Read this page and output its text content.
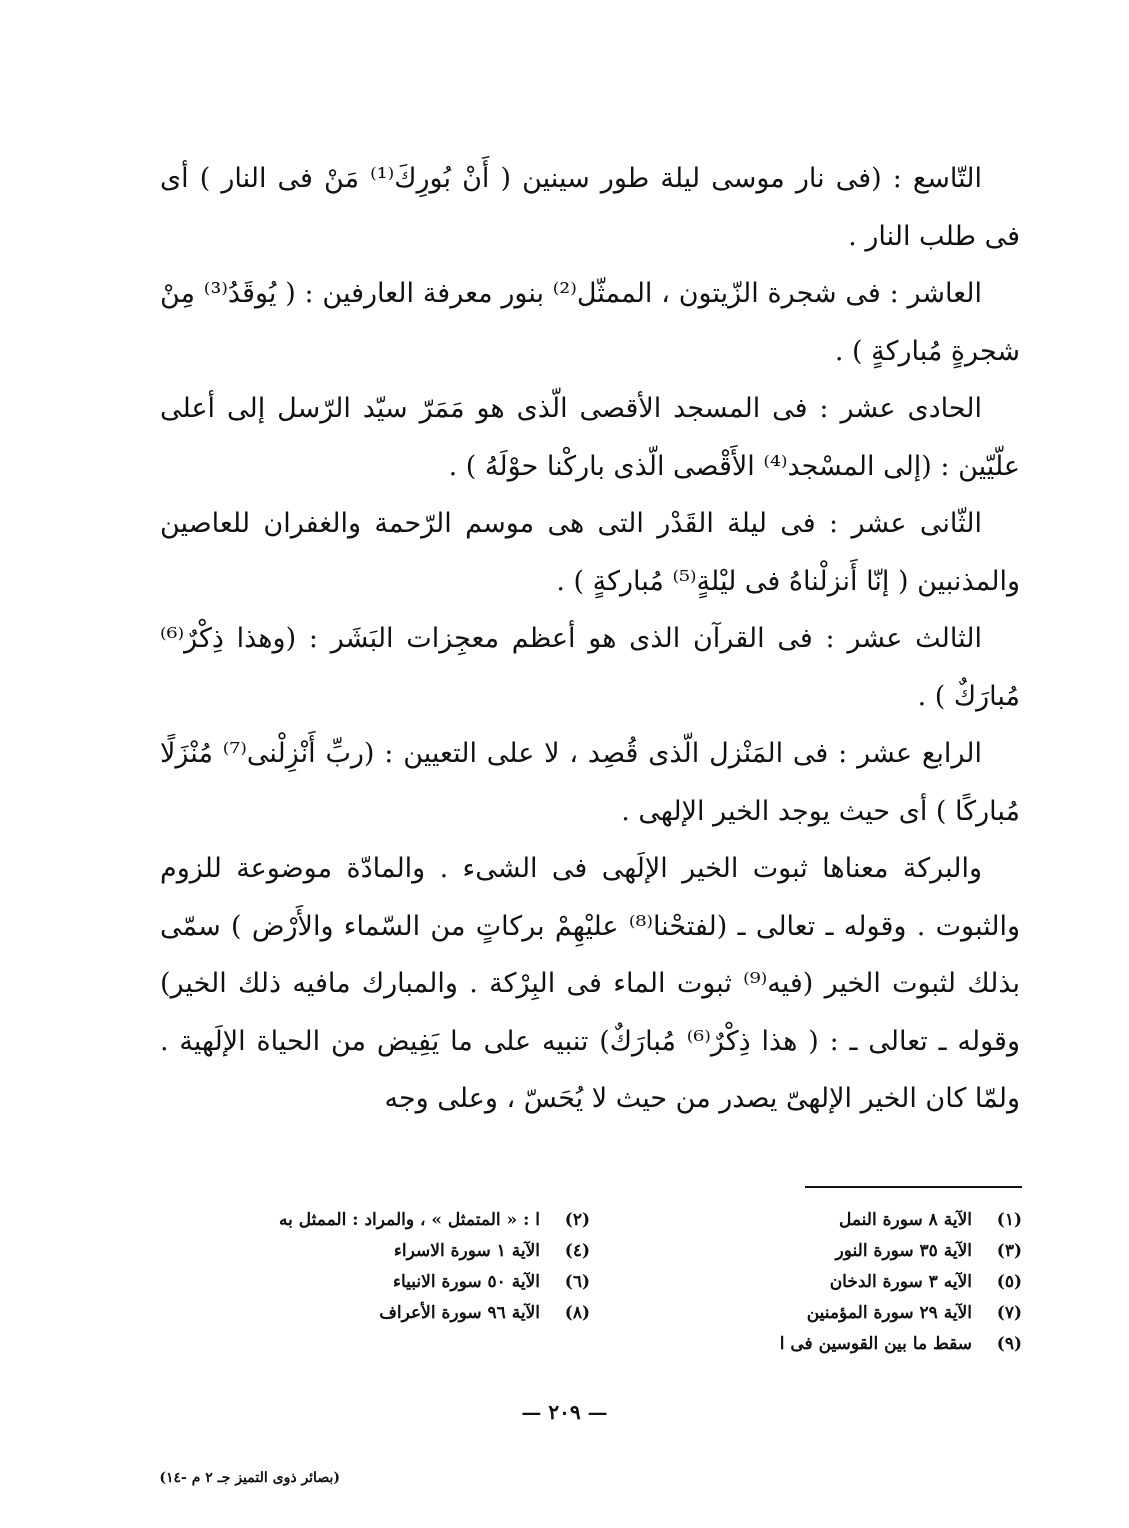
التّاسع : (فى نار موسى ليلة طور سينين ( أَنْ بُورِكَ⁽¹⁾ مَنْ فى النار ) أى فى طلب النار .

العاشر : فى شجرة الزّيتون ، الممثّل⁽²⁾ بنور معرفة العارفين : ( يُوقَدُ⁽³⁾ مِنْ شجرةٍ مُباركةٍ ) .

الحادى عشر : فى المسجد الأقصى الّذى هو مَمَرّ سيّد الرّسل إلى أعلى علّيّين : (إلى المسْجد⁽⁴⁾ الأَقْصى الّذى باركْنا حوْلَهُ ) .

الثّانى عشر : فى ليلة القَدْر التى هى موسم الرّحمة والغفران للعاصين والمذنبين ( إنّا أَنزلْناهُ فى ليْلةٍ⁽⁵⁾ مُباركةٍ ) .

الثالث عشر : فى القرآن الذى هو أعظم معجِزات البَشَر : (وهذا ذِكْرٌ⁽⁶⁾ مُبارَكٌ ) .

الرابع عشر : فى المَنْزل الّذى قُصِد ، لا على التعيين : (ربِّ أَنْزِلْنى⁽⁷⁾ مُنْزَلًا مُباركًا ) أى حيث يوجد الخير الإلهى .

والبركة معناها ثبوت الخير الإلَهى فى الشىء . والمادّة موضوعة للزوم والثبوت . وقوله ـ تعالى ـ (لفتحْنا⁽⁸⁾ عليْهِمْ بركاتٍ من السّماء والأَرْض ) سمّى بذلك لثبوت الخير (فيه⁽⁹⁾ ثبوت الماء فى البِرْكة . والمبارك مافيه ذلك الخير) وقوله ـ تعالى ـ : ( هذا ذِكْرٌ⁽⁶⁾ مُبارَكٌ) تنبيه على ما يَفِيض من الحياة الإلَهية . ولمّا كان الخير الإلهىّ يصدر من حيث لا يُحَسّ ، وعلى وجه

(١)
الآية ٨ سورة النمل
(٣)
الآية ٣٥ سورة النور
(٥)
الآيه ٣ سورة الدخان
(٧)
الآية ٢٩ سورة المؤمنين
(٩)
سقط ما بين القوسين فى ا
(٢)
ا : « المتمثل » ، والمراد : الممثل به
(٤)
الآية ١ سورة الاسراء
(٦)
الآية ٥٠ سورة الانبياء
(٨)
الآية ٩٦ سورة الأعراف
— ٢٠٩ —
(بصائر ذوى التميز جـ ٢ م -١٤)
